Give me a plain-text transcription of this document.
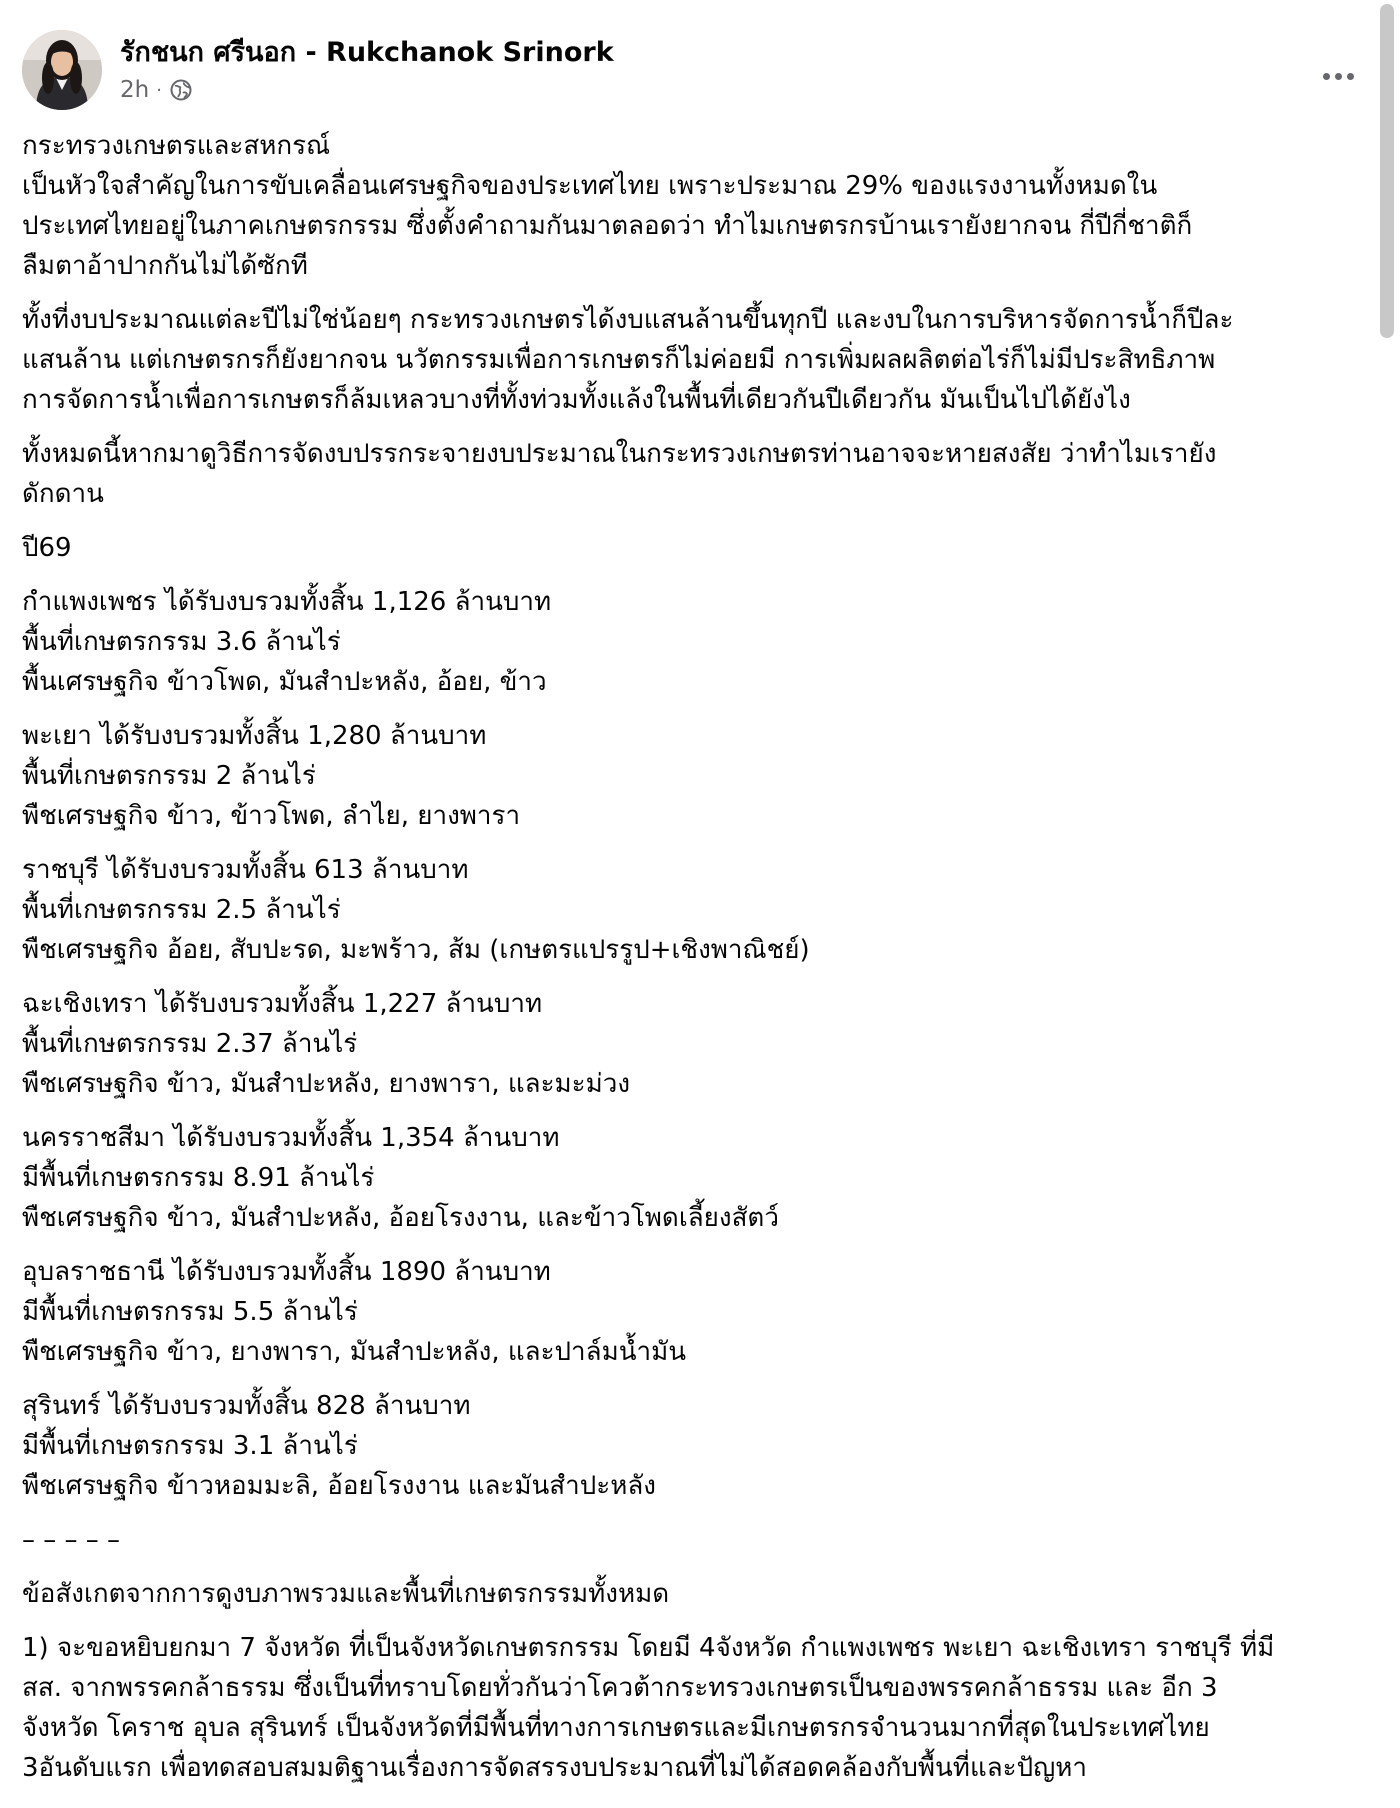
รักชนก ศรีนอก - Rukchanok Srinork
2h ·

กระทรวงเกษตรและสหกรณ์
เป็นหัวใจสำคัญในการขับเคลื่อนเศรษฐกิจของประเทศไทย เพราะประมาณ 29% ของแรงงานทั้งหมดใน
ประเทศไทยอยู่ในภาคเกษตรกรรม ซึ่งตั้งคำถามกันมาตลอดว่า ทำไมเกษตรกรบ้านเรายังยากจน กี่ปีกี่ชาติก็
ลืมตาอ้าปากกันไม่ได้ซักที

ทั้งที่งบประมาณแต่ละปีไม่ใช่น้อยๆ กระทรวงเกษตรได้งบแสนล้านขึ้นทุกปี และงบในการบริหารจัดการน้ำก็ปีละ
แสนล้าน แต่เกษตรกรก็ยังยากจน นวัตกรรมเพื่อการเกษตรก็ไม่ค่อยมี การเพิ่มผลผลิตต่อไร่ก็ไม่มีประสิทธิภาพ
การจัดการน้ำเพื่อการเกษตรก็ล้มเหลวบางที่ทั้งท่วมทั้งแล้งในพื้นที่เดียวกันปีเดียวกัน มันเป็นไปได้ยังไง

ทั้งหมดนี้หากมาดูวิธีการจัดงบปรรกระจายงบประมาณในกระทรวงเกษตรท่านอาจจะหายสงสัย ว่าทำไมเรายัง
ดักดาน

ปี69

กำแพงเพชร ได้รับงบรวมทั้งสิ้น 1,126 ล้านบาท
พื้นที่เกษตรกรรม 3.6 ล้านไร่
พื้นเศรษฐกิจ ข้าวโพด, มันสำปะหลัง, อ้อย, ข้าว

พะเยา ได้รับงบรวมทั้งสิ้น 1,280 ล้านบาท
พื้นที่เกษตรกรรม 2 ล้านไร่
พืชเศรษฐกิจ ข้าว, ข้าวโพด, ลำไย, ยางพารา

ราชบุรี ได้รับงบรวมทั้งสิ้น 613 ล้านบาท
พื้นที่เกษตรกรรม 2.5 ล้านไร่
พืชเศรษฐกิจ อ้อย, สับปะรด, มะพร้าว, ส้ม (เกษตรแปรรูป+เชิงพาณิชย์)

ฉะเชิงเทรา ได้รับงบรวมทั้งสิ้น 1,227 ล้านบาท
พื้นที่เกษตรกรรม 2.37 ล้านไร่
พืชเศรษฐกิจ ข้าว, มันสำปะหลัง, ยางพารา, และมะม่วง

นครราชสีมา ได้รับงบรวมทั้งสิ้น 1,354 ล้านบาท
มีพื้นที่เกษตรกรรม 8.91 ล้านไร่
พืชเศรษฐกิจ ข้าว, มันสำปะหลัง, อ้อยโรงงาน, และข้าวโพดเลี้ยงสัตว์

อุบลราชธานี ได้รับงบรวมทั้งสิ้น 1890 ล้านบาท
มีพื้นที่เกษตรกรรม 5.5 ล้านไร่
พืชเศรษฐกิจ ข้าว, ยางพารา, มันสำปะหลัง, และปาล์มน้ำมัน

สุรินทร์ ได้รับงบรวมทั้งสิ้น 828 ล้านบาท
มีพื้นที่เกษตรกรรม 3.1 ล้านไร่
พืชเศรษฐกิจ ข้าวหอมมะลิ, อ้อยโรงงาน และมันสำปะหลัง

– – – – –

ข้อสังเกตจากการดูงบภาพรวมและพื้นที่เกษตรกรรมทั้งหมด

1) จะขอหยิบยกมา 7 จังหวัด ที่เป็นจังหวัดเกษตรกรรม โดยมี 4จังหวัด กำแพงเพชร พะเยา ฉะเชิงเทรา ราชบุรี ที่มี
สส. จากพรรคกล้าธรรม ซึ่งเป็นที่ทราบโดยทั่วกันว่าโควต้ากระทรวงเกษตรเป็นของพรรคกล้าธรรม และ อีก 3
จังหวัด โคราช อุบล สุรินทร์ เป็นจังหวัดที่มีพื้นที่ทางการเกษตรและมีเกษตรกรจำนวนมากที่สุดในประเทศไทย
3อันดับแรก เพื่อทดสอบสมมติฐานเรื่องการจัดสรรงบประมาณที่ไม่ได้สอดคล้องกับพื้นที่และปัญหา
